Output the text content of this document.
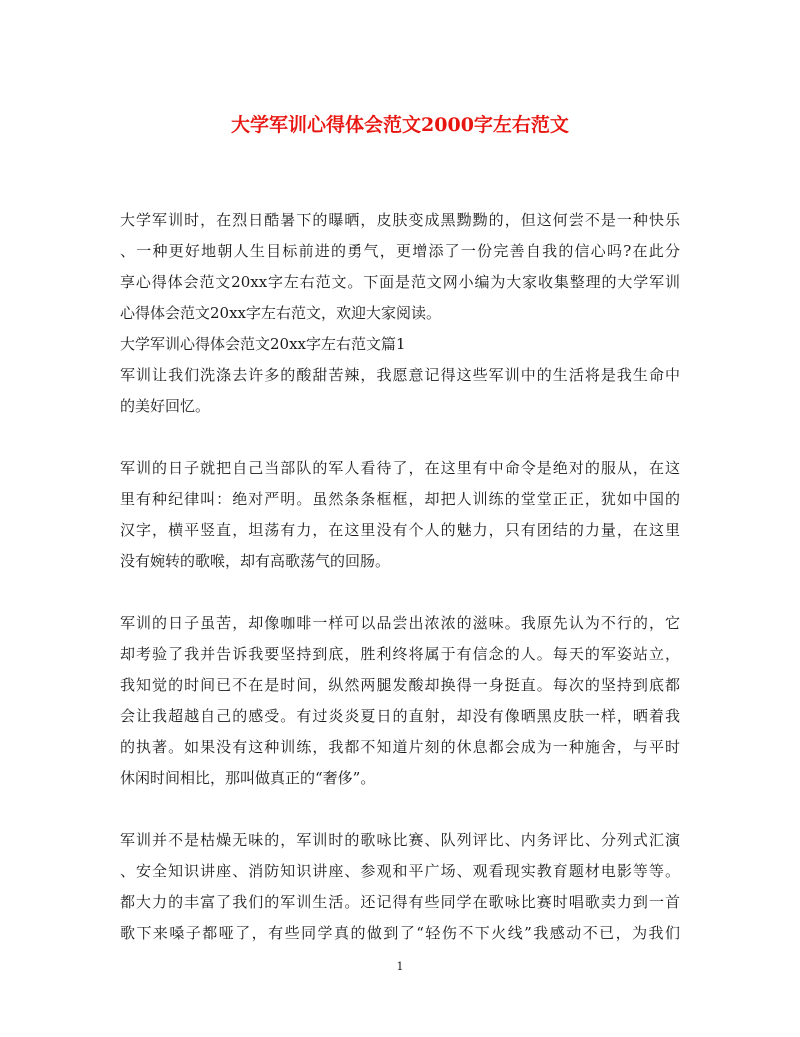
大学军训心得体会范文2000字左右范文
大学军训时，在烈日酷暑下的曝晒，皮肤变成黑黝黝的，但这何尝不是一种快乐
、一种更好地朝人生目标前进的勇气，更增添了一份完善自我的信心吗?在此分
享心得体会范文20xx字左右范文。下面是范文网小编为大家收集整理的大学军训
心得体会范文20xx字左右范文，欢迎大家阅读。
大学军训心得体会范文20xx字左右范文篇1
军训让我们洗涤去许多的酸甜苦辣，我愿意记得这些军训中的生活将是我生命中
的美好回忆。
军训的日子就把自己当部队的军人看待了，在这里有中命令是绝对的服从，在这
里有种纪律叫：绝对严明。虽然条条框框，却把人训练的堂堂正正，犹如中国的
汉字，横平竖直，坦荡有力，在这里没有个人的魅力，只有团结的力量，在这里
没有婉转的歌喉，却有高歌荡气的回肠。
军训的日子虽苦，却像咖啡一样可以品尝出浓浓的滋味。我原先认为不行的，它
却考验了我并告诉我要坚持到底，胜利终将属于有信念的人。每天的军姿站立，
我知觉的时间已不在是时间，纵然两腿发酸却换得一身挺直。每次的坚持到底都
会让我超越自己的感受。有过炎炎夏日的直射，却没有像晒黑皮肤一样，晒着我
的执著。如果没有这种训练，我都不知道片刻的休息都会成为一种施舍，与平时
休闲时间相比，那叫做真正的“奢侈”。
军训并不是枯燥无味的，军训时的歌咏比赛、队列评比、内务评比、分列式汇演
、安全知识讲座、消防知识讲座、参观和平广场、观看现实教育题材电影等等。
都大力的丰富了我们的军训生活。还记得有些同学在歌咏比赛时唱歌卖力到一首
歌下来嗓子都哑了，有些同学真的做到了“轻伤不下火线”我感动不已，为我们
1
